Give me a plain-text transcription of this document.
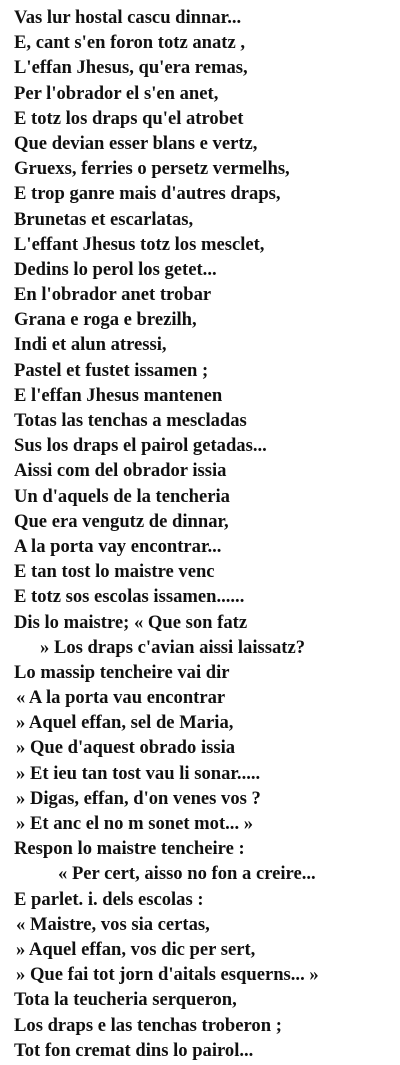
Vas lur hostal cascu dinnar...
E, cant s'en foron totz anatz ,
L'effan Jhesus, qu'era remas,
Per l'obrador el s'en anet,
E totz los draps qu'el atrobet
Que devian esser blans e vertz,
Gruexs, ferries o persetz vermelhs,
E trop ganre mais d'autres draps,
Brunetas et escarlatas,
L'effant Jhesus totz los mesclet,
Dedins lo perol los getet...
En l'obrador anet trobar
Grana e roga e brezilh,
Indi et alun atressi,
Pastel et fustet issamen ;
E l'effan Jhesus mantenen
Totas las tenchas a mescladas
Sus los draps el pairol getadas...
Aissi com del obrador issia
Un d'aquels de la tencheria
Que era vengutz de dinnar,
A la porta vay encontrar...
E tan tost lo maistre venc
E totz sos escolas issamen......
Dis lo maistre; « Que son fatz
» Los draps c'avian aissi laissatz?
Lo massip tencheire vai dir
« A la porta vau encontrar
» Aquel effan, sel de Maria,
» Que d'aquest obrado issia
» Et ieu tan tost vau li sonar.....
» Digas, effan, d'on venes vos ?
» Et anc el no m sonet mot... »
Respon lo maistre tencheire :
« Per cert, aisso no fon a creire...
E parlet. i. dels escolas :
« Maistre, vos sia certas,
» Aquel effan, vos dic per sert,
» Que fai tot jorn d'aitals esquerns... »
Tota la teucheria serqueron,
Los draps e las tenchas troberon ;
Tot fon cremat dins lo pairol...
